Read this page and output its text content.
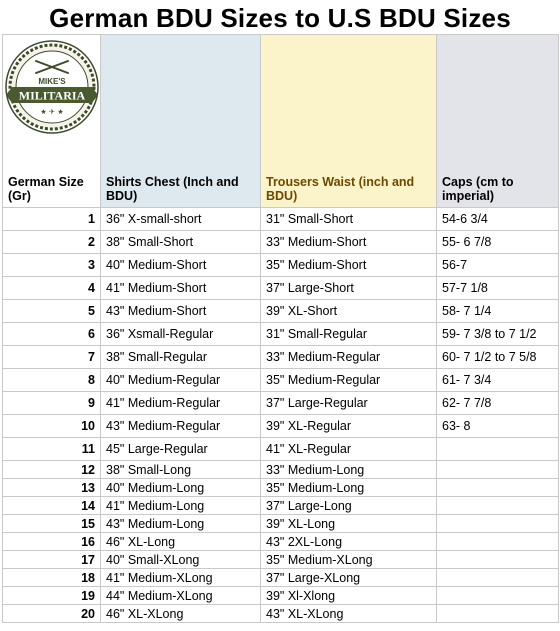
German BDU Sizes to U.S BDU Sizes
MIKE'S
MILITARIA
★ ✈ ★
German Size (Gr)	Shirts Chest (Inch and BDU)	Trousers Waist (inch and BDU)	Caps (cm to imperial)

1	36" X-small-short	31" Small-Short	54-6 3/4
2	38" Small-Short	33" Medium-Short	55- 6 7/8
3	40" Medium-Short	35" Medium-Short	56-7
4	41" Medium-Short	37" Large-Short	57-7 1/8
5	43" Medium-Short	39" XL-Short	58- 7 1/4
6	36" Xsmall-Regular	31" Small-Regular	59- 7 3/8 to 7 1/2
7	38" Small-Regular	33" Medium-Regular	60- 7 1/2 to 7 5/8
8	40" Medium-Regular	35" Medium-Regular	61- 7 3/4
9	41" Medium-Regular	37" Large-Regular	62- 7 7/8
10	43" Medium-Regular	39" XL-Regular	63- 8
11	45" Large-Regular	41" XL-Regular	
12	38" Small-Long	33" Medium-Long	
13	40" Medium-Long	35" Medium-Long	
14	41" Medium-Long	37" Large-Long	
15	43" Medium-Long	39" XL-Long	
16	46" XL-Long	43" 2XL-Long	
17	40" Small-XLong	35" Medium-XLong	
18	41" Medium-XLong	37" Large-XLong	
19	44" Medium-XLong	39" Xl-Xlong	
20	46" XL-XLong	43" XL-XLong	
